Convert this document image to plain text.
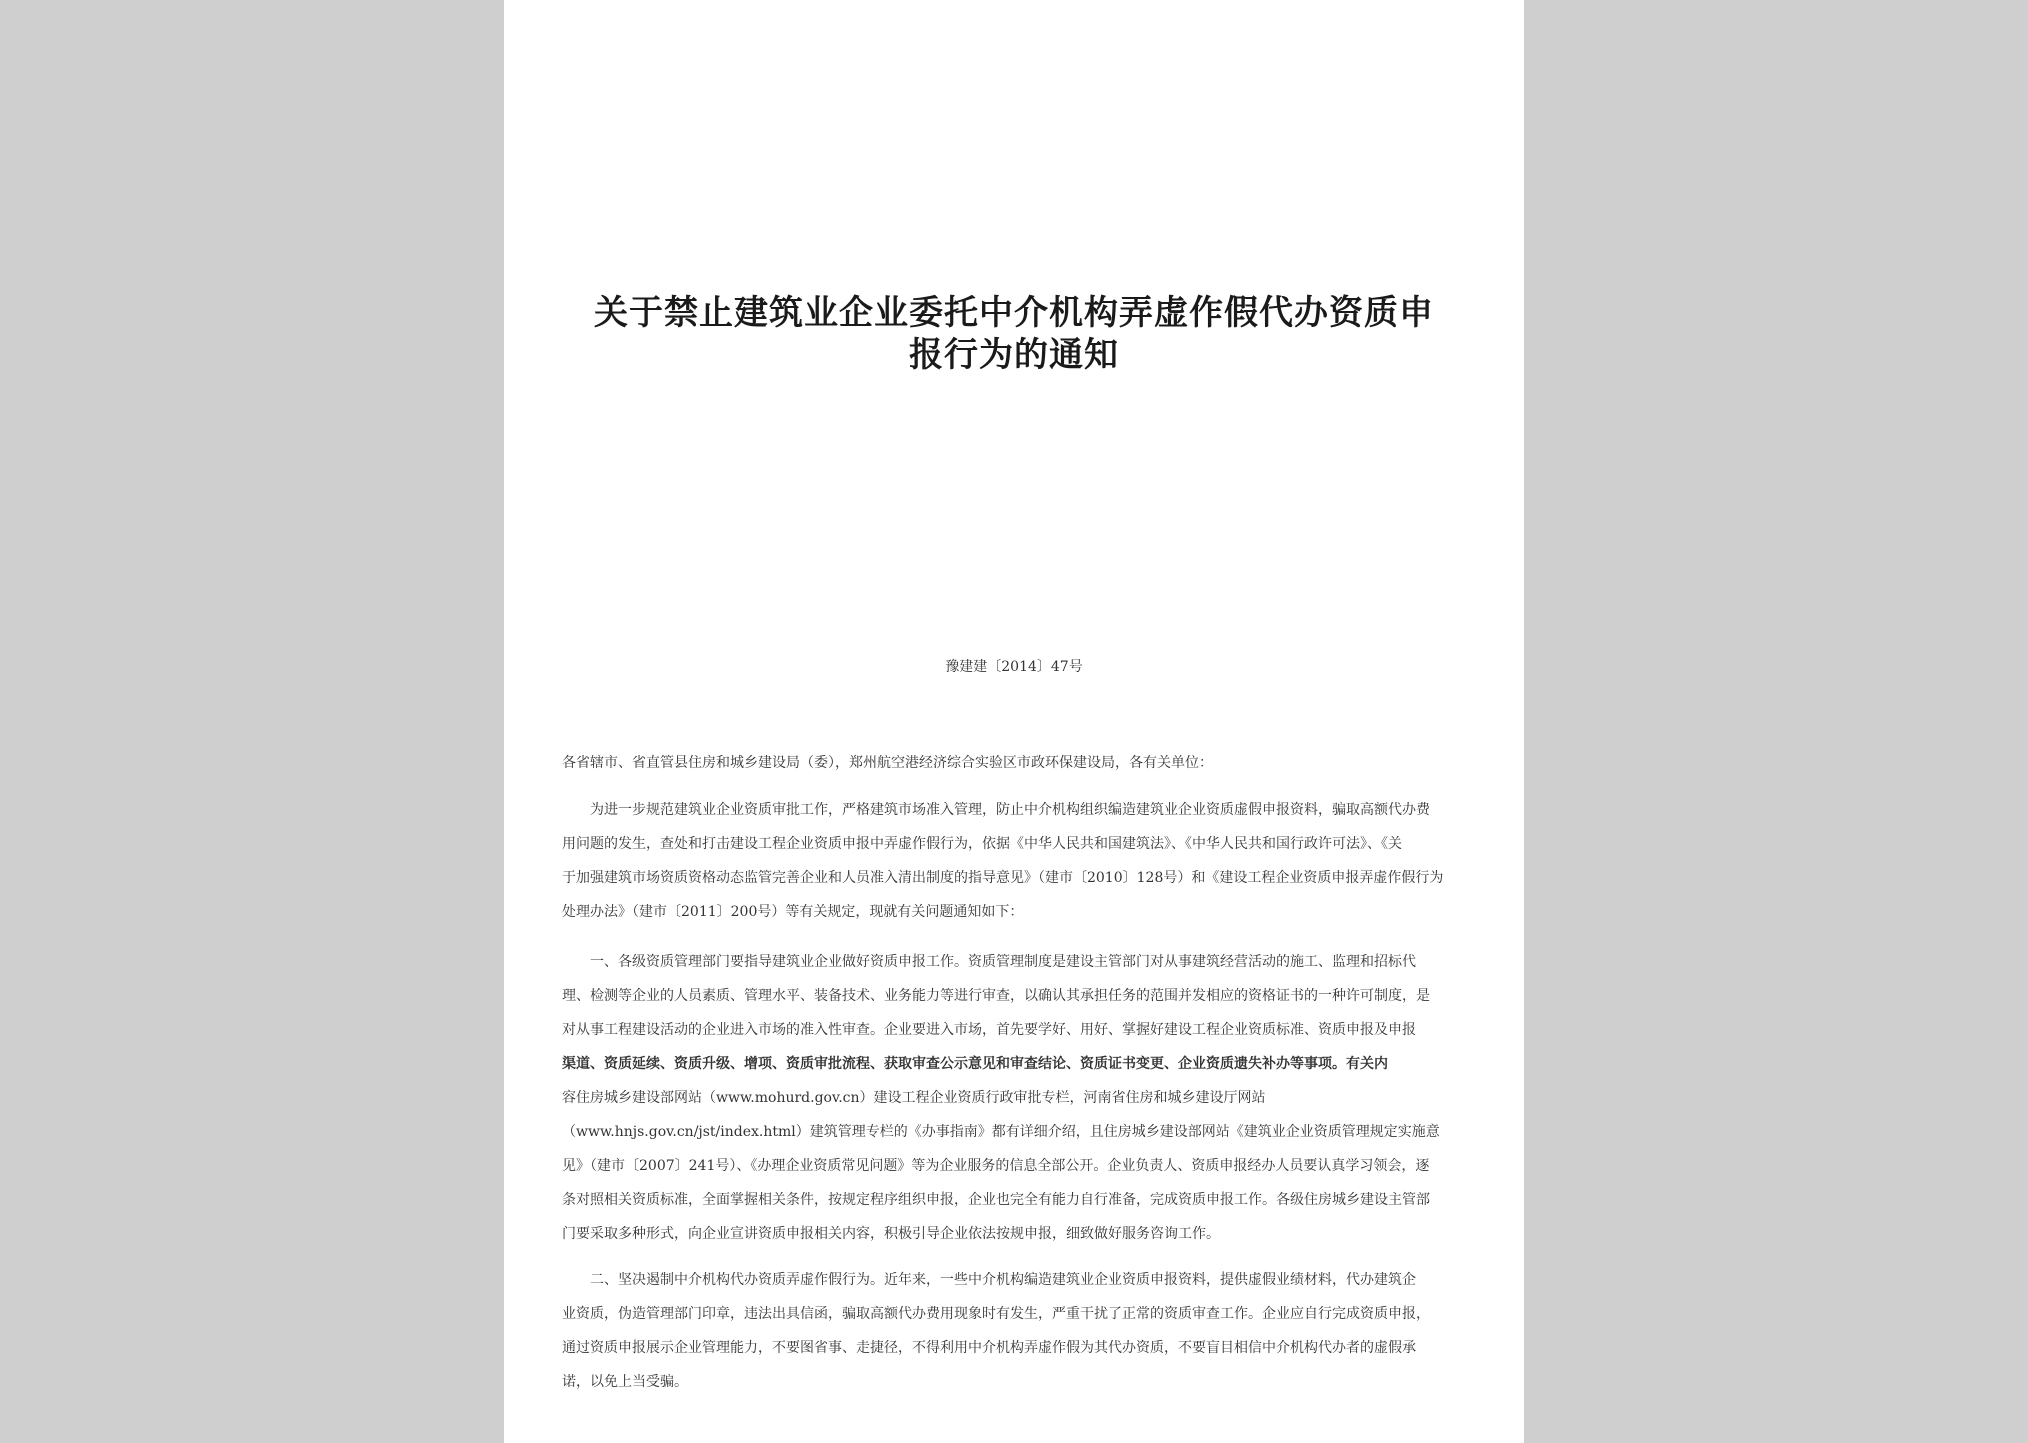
关于禁止建筑业企业委托中介机构弄虚作假代办资质申
报行为的通知
豫建建〔2014〕47号
各省辖市、省直管县住房和城乡建设局（委），郑州航空港经济综合实验区市政环保建设局，各有关单位：
　　为进一步规范建筑业企业资质审批工作，严格建筑市场准入管理，防止中介机构组织编造建筑业企业资质虚假申报资料，骗取高额代办费
用问题的发生，查处和打击建设工程企业资质申报中弄虚作假行为，依据《中华人民共和国建筑法》、《中华人民共和国行政许可法》、《关
于加强建筑市场资质资格动态监管完善企业和人员准入清出制度的指导意见》（建市〔2010〕128号）和《建设工程企业资质申报弄虚作假行为
处理办法》（建市〔2011〕200号）等有关规定，现就有关问题通知如下：
　　一、各级资质管理部门要指导建筑业企业做好资质申报工作。资质管理制度是建设主管部门对从事建筑经营活动的施工、监理和招标代
理、检测等企业的人员素质、管理水平、装备技术、业务能力等进行审查，以确认其承担任务的范围并发相应的资格证书的一种许可制度，是
对从事工程建设活动的企业进入市场的准入性审查。企业要进入市场，首先要学好、用好、掌握好建设工程企业资质标准、资质申报及申报
渠道、资质延续、资质升级、增项、资质审批流程、获取审查公示意见和审查结论、资质证书变更、企业资质遗失补办等事项。有关内
容住房城乡建设部网站（www.mohurd.gov.cn）建设工程企业资质行政审批专栏，河南省住房和城乡建设厅网站
（www.hnjs.gov.cn/jst/index.html）建筑管理专栏的《办事指南》都有详细介绍，且住房城乡建设部网站《建筑业企业资质管理规定实施意
见》（建市〔2007〕241号）、《办理企业资质常见问题》等为企业服务的信息全部公开。企业负责人、资质申报经办人员要认真学习领会，逐
条对照相关资质标准，全面掌握相关条件，按规定程序组织申报，企业也完全有能力自行准备，完成资质申报工作。各级住房城乡建设主管部
门要采取多种形式，向企业宣讲资质申报相关内容，积极引导企业依法按规申报，细致做好服务咨询工作。
　　二、坚决遏制中介机构代办资质弄虚作假行为。近年来，一些中介机构编造建筑业企业资质申报资料，提供虚假业绩材料，代办建筑企
业资质，伪造管理部门印章，违法出具信函，骗取高额代办费用现象时有发生，严重干扰了正常的资质审查工作。企业应自行完成资质申报，
通过资质申报展示企业管理能力，不要图省事、走捷径，不得利用中介机构弄虚作假为其代办资质，不要盲目相信中介机构代办者的虚假承
诺，以免上当受骗。
